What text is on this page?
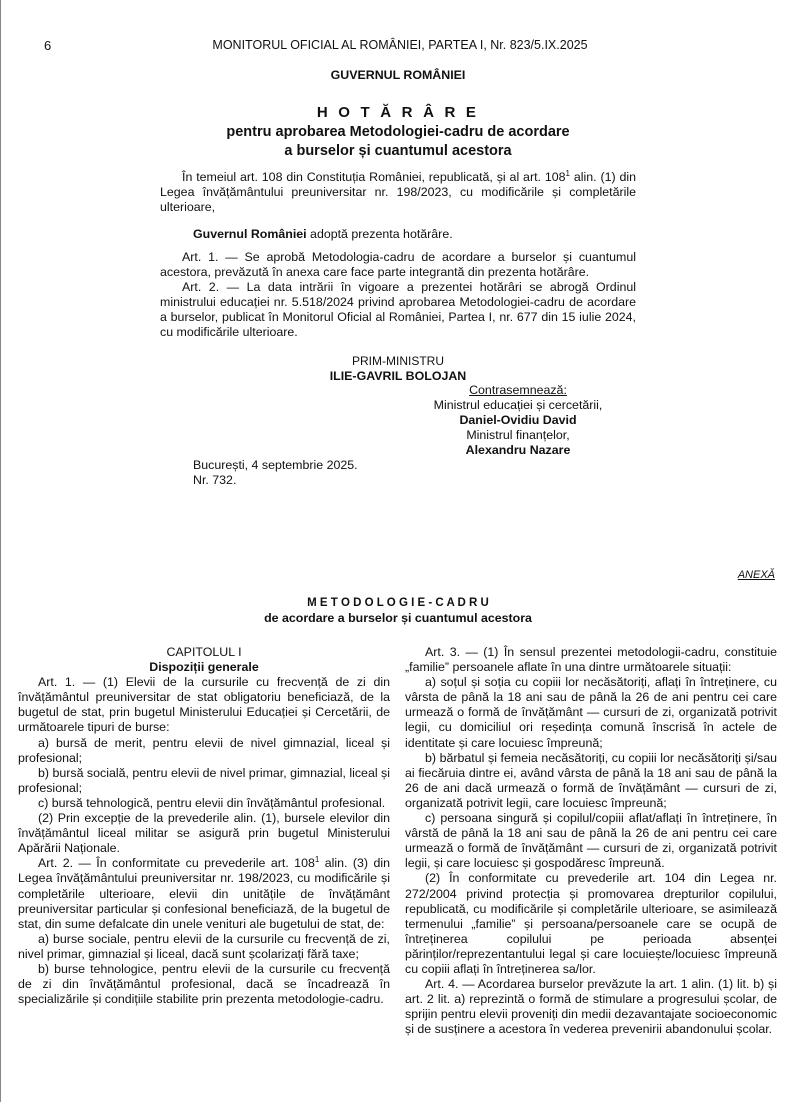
6	MONITORUL OFICIAL AL ROMÂNIEI, PARTEA I, Nr. 823/5.IX.2025
GUVERNUL ROMÂNIEI
H O T Ă R Â R E
pentru aprobarea Metodologiei-cadru de acordare
a burselor și cuantumul acestora
În temeiul art. 108 din Constituția României, republicată, și al art. $108^1$ alin. (1) din Legea învățământului preuniversitar nr. 198/2023, cu modificările și completările ulterioare,
Guvernul României adoptă prezenta hotărâre.
Art. 1. — Se aprobă Metodologia-cadru de acordare a burselor și cuantumul acestora, prevăzută în anexa care face parte integrantă din prezenta hotărâre.
Art. 2. — La data intrării în vigoare a prezentei hotărâri se abrogă Ordinul ministrului educației nr. 5.518/2024 privind aprobarea Metodologiei-cadru de acordare a burselor, publicat în Monitorul Oficial al României, Partea I, nr. 677 din 15 iulie 2024, cu modificările ulterioare.
PRIM-MINISTRU
ILIE-GAVRIL BOLOJAN
Contrasemnează:
Ministrul educației și cercetării,
Daniel-Ovidiu David
Ministrul finanțelor,
Alexandru Nazare
București, 4 septembrie 2025.
Nr. 732.
ANEXĂ
M E T O D O L O G I E - C A D R U
de acordare a burselor și cuantumul acestora
CAPITOLUL I
Dispoziții generale

Art. 1. — (1) Elevii de la cursurile cu frecvență de zi din învățământul preuniversitar de stat obligatoriu beneficiază, de la bugetul de stat, prin bugetul Ministerului Educației și Cercetării, de următoarele tipuri de burse:

a) bursă de merit, pentru elevii de nivel gimnazial, liceal și profesional;

b) bursă socială, pentru elevii de nivel primar, gimnazial, liceal și profesional;

c) bursă tehnologică, pentru elevii din învățământul profesional.

(2) Prin excepție de la prevederile alin. (1), bursele elevilor din învățământul liceal militar se asigură prin bugetul Ministerului Apărării Naționale.

Art. 2. — În conformitate cu prevederile art. $108^1$ alin. (3) din Legea învățământului preuniversitar nr. 198/2023, cu modificările și completările ulterioare, elevii din unitățile de învățământ preuniversitar particular și confesional beneficiază, de la bugetul de stat, din sume defalcate din unele venituri ale bugetului de stat, de:

a) burse sociale, pentru elevii de la cursurile cu frecvență de zi, nivel primar, gimnazial și liceal, dacă sunt școlarizați fără taxe;

b) burse tehnologice, pentru elevii de la cursurile cu frecvență de zi din învățământul profesional, dacă se încadrează în specializările și condițiile stabilite prin prezenta metodologie-cadru.

Art. 3. — (1) În sensul prezentei metodologii-cadru, constituie „familie” persoanele aflate în una dintre următoarele situații:

a) soțul și soția cu copiii lor necăsătoriți, aflați în întreținere, cu vârsta de până la 18 ani sau de până la 26 de ani pentru cei care urmează o formă de învățământ — cursuri de zi, organizată potrivit legii, cu domiciliul ori reședința comună înscrisă în actele de identitate și care locuiesc împreună;

b) bărbatul și femeia necăsătoriți, cu copiii lor necăsătoriți și/sau ai fiecăruia dintre ei, având vârsta de până la 18 ani sau de până la 26 de ani dacă urmează o formă de învățământ — cursuri de zi, organizată potrivit legii, care locuiesc împreună;

c) persoana singură și copilul/copiii aflat/aflați în întreținere, în vârstă de până la 18 ani sau de până la 26 de ani pentru cei care urmează o formă de învățământ — cursuri de zi, organizată potrivit legii, și care locuiesc și gospodăresc împreună.

(2) În conformitate cu prevederile art. 104 din Legea nr. 272/2004 privind protecția și promovarea drepturilor copilului, republicată, cu modificările și completările ulterioare, se asimilează termenului „familie” și persoana/persoanele care se ocupă de întreținerea copilului pe perioada absenței părinților/reprezentantului legal și care locuiește/locuiesc împreună cu copiii aflați în întreținerea sa/lor.

Art. 4. — Acordarea burselor prevăzute la art. 1 alin. (1) lit. b) și art. 2 lit. a) reprezintă o formă de stimulare a progresului școlar, de sprijin pentru elevii proveniți din medii dezavantajate socioeconomic și de susținere a acestora în vederea prevenirii abandonului școlar.
